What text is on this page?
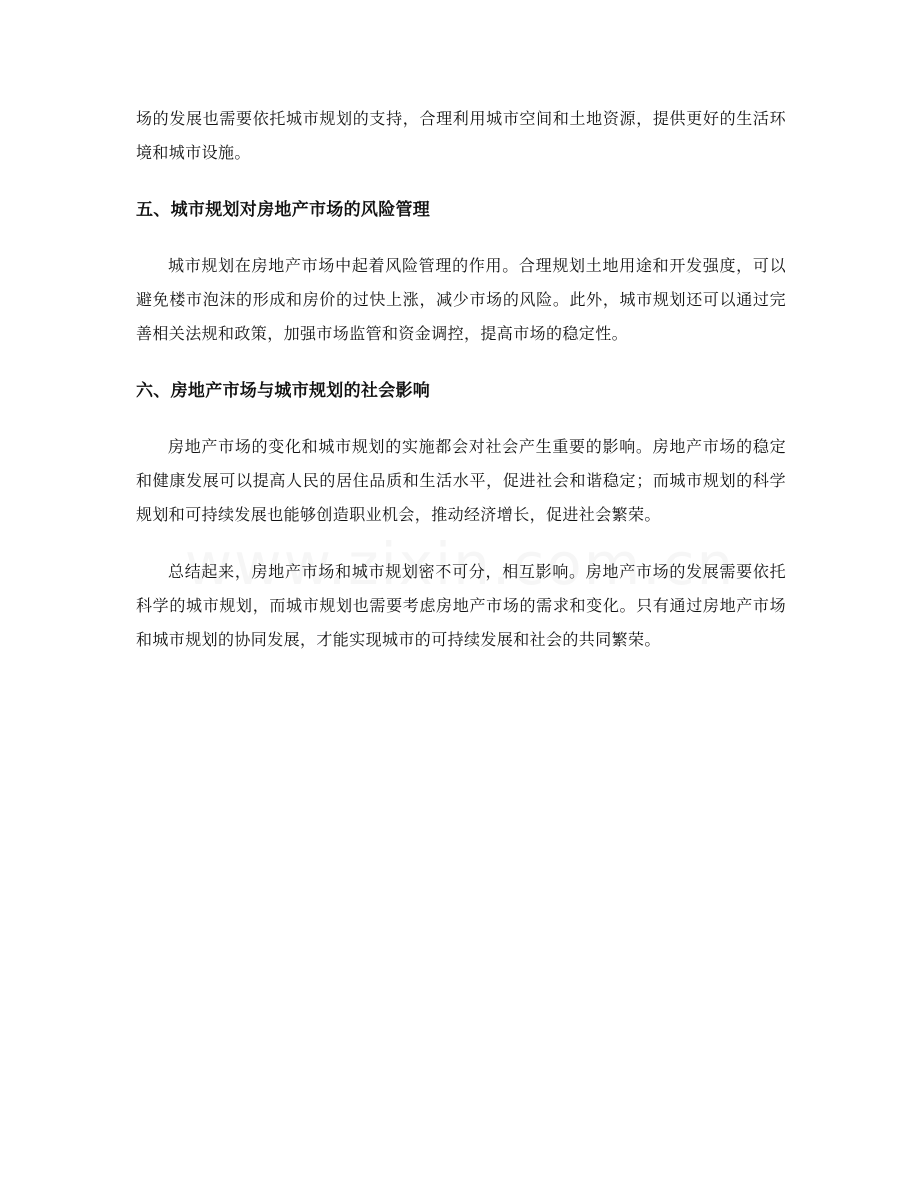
场的发展也需要依托城市规划的支持，合理利用城市空间和土地资源，提供更好的生活环境和城市设施。

五、城市规划对房地产市场的风险管理

城市规划在房地产市场中起着风险管理的作用。合理规划土地用途和开发强度，可以避免楼市泡沫的形成和房价的过快上涨，减少市场的风险。此外，城市规划还可以通过完善相关法规和政策，加强市场监管和资金调控，提高市场的稳定性。

六、房地产市场与城市规划的社会影响

房地产市场的变化和城市规划的实施都会对社会产生重要的影响。房地产市场的稳定和健康发展可以提高人民的居住品质和生活水平，促进社会和谐稳定；而城市规划的科学规划和可持续发展也能够创造职业机会，推动经济增长，促进社会繁荣。

总结起来，房地产市场和城市规划密不可分，相互影响。房地产市场的发展需要依托科学的城市规划，而城市规划也需要考虑房地产市场的需求和变化。只有通过房地产市场和城市规划的协同发展，才能实现城市的可持续发展和社会的共同繁荣。
